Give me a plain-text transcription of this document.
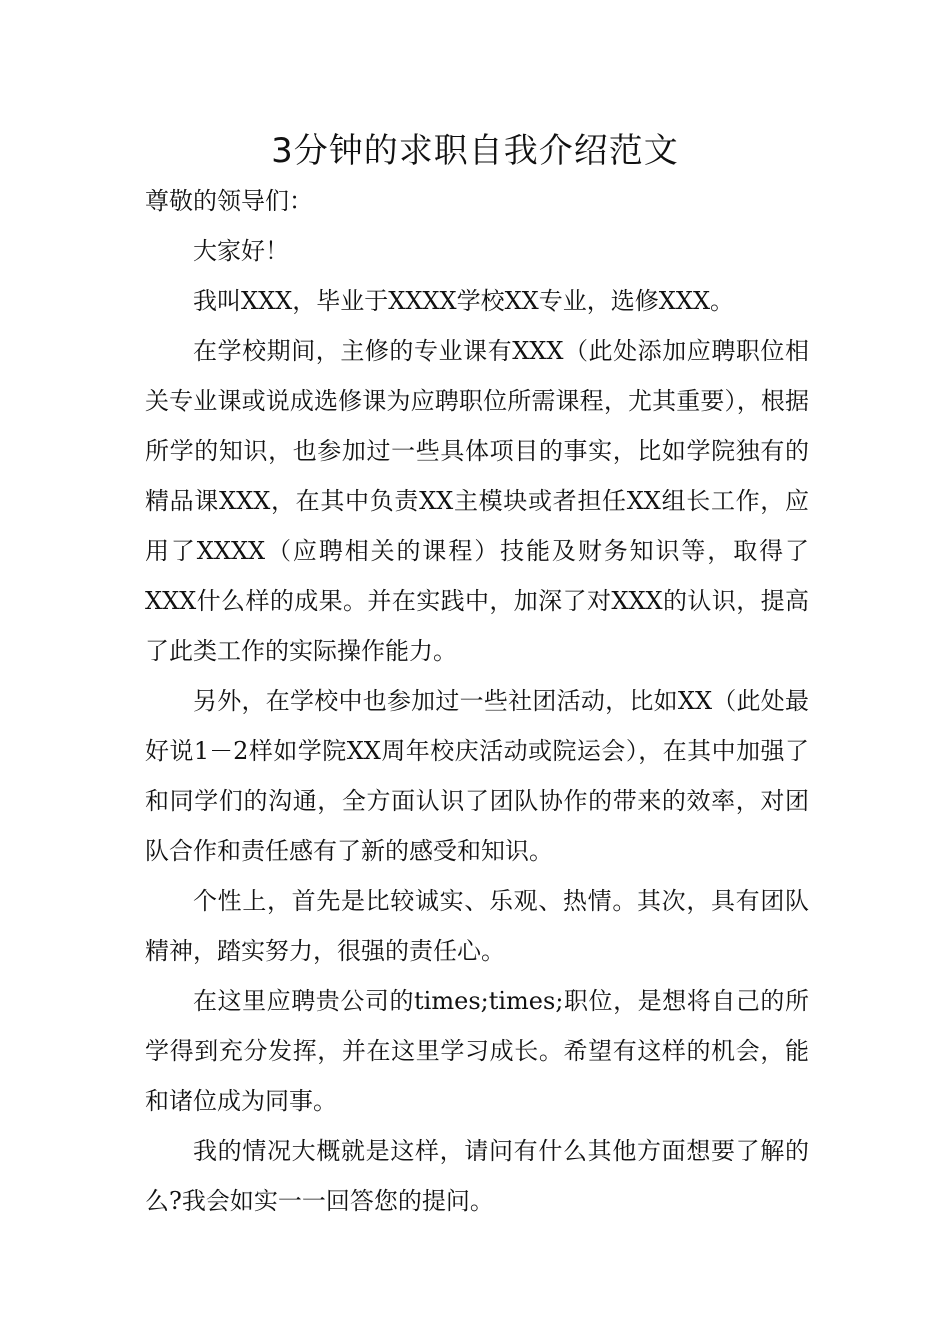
3分钟的求职自我介绍范文

尊敬的领导们：

大家好！

我叫XXX，毕业于XXXX学校XX专业，选修XXX。

在学校期间，主修的专业课有XXX（此处添加应聘职位相关专业课或说成选修课为应聘职位所需课程，尤其重要），根据所学的知识，也参加过一些具体项目的事实，比如学院独有的精品课XXX，在其中负责XX主模块或者担任XX组长工作，应用了XXXX（应聘相关的课程）技能及财务知识等，取得了XXX什么样的成果。并在实践中，加深了对XXX的认识，提高了此类工作的实际操作能力。

另外，在学校中也参加过一些社团活动，比如XX（此处最好说1－2样如学院XX周年校庆活动或院运会），在其中加强了和同学们的沟通，全方面认识了团队协作的带来的效率，对团队合作和责任感有了新的感受和知识。

个性上，首先是比较诚实、乐观、热情。其次，具有团队精神，踏实努力，很强的责任心。

在这里应聘贵公司的times;times;职位，是想将自己的所学得到充分发挥，并在这里学习成长。希望有这样的机会，能和诸位成为同事。

我的情况大概就是这样，请问有什么其他方面想要了解的么?我会如实一一回答您的提问。
